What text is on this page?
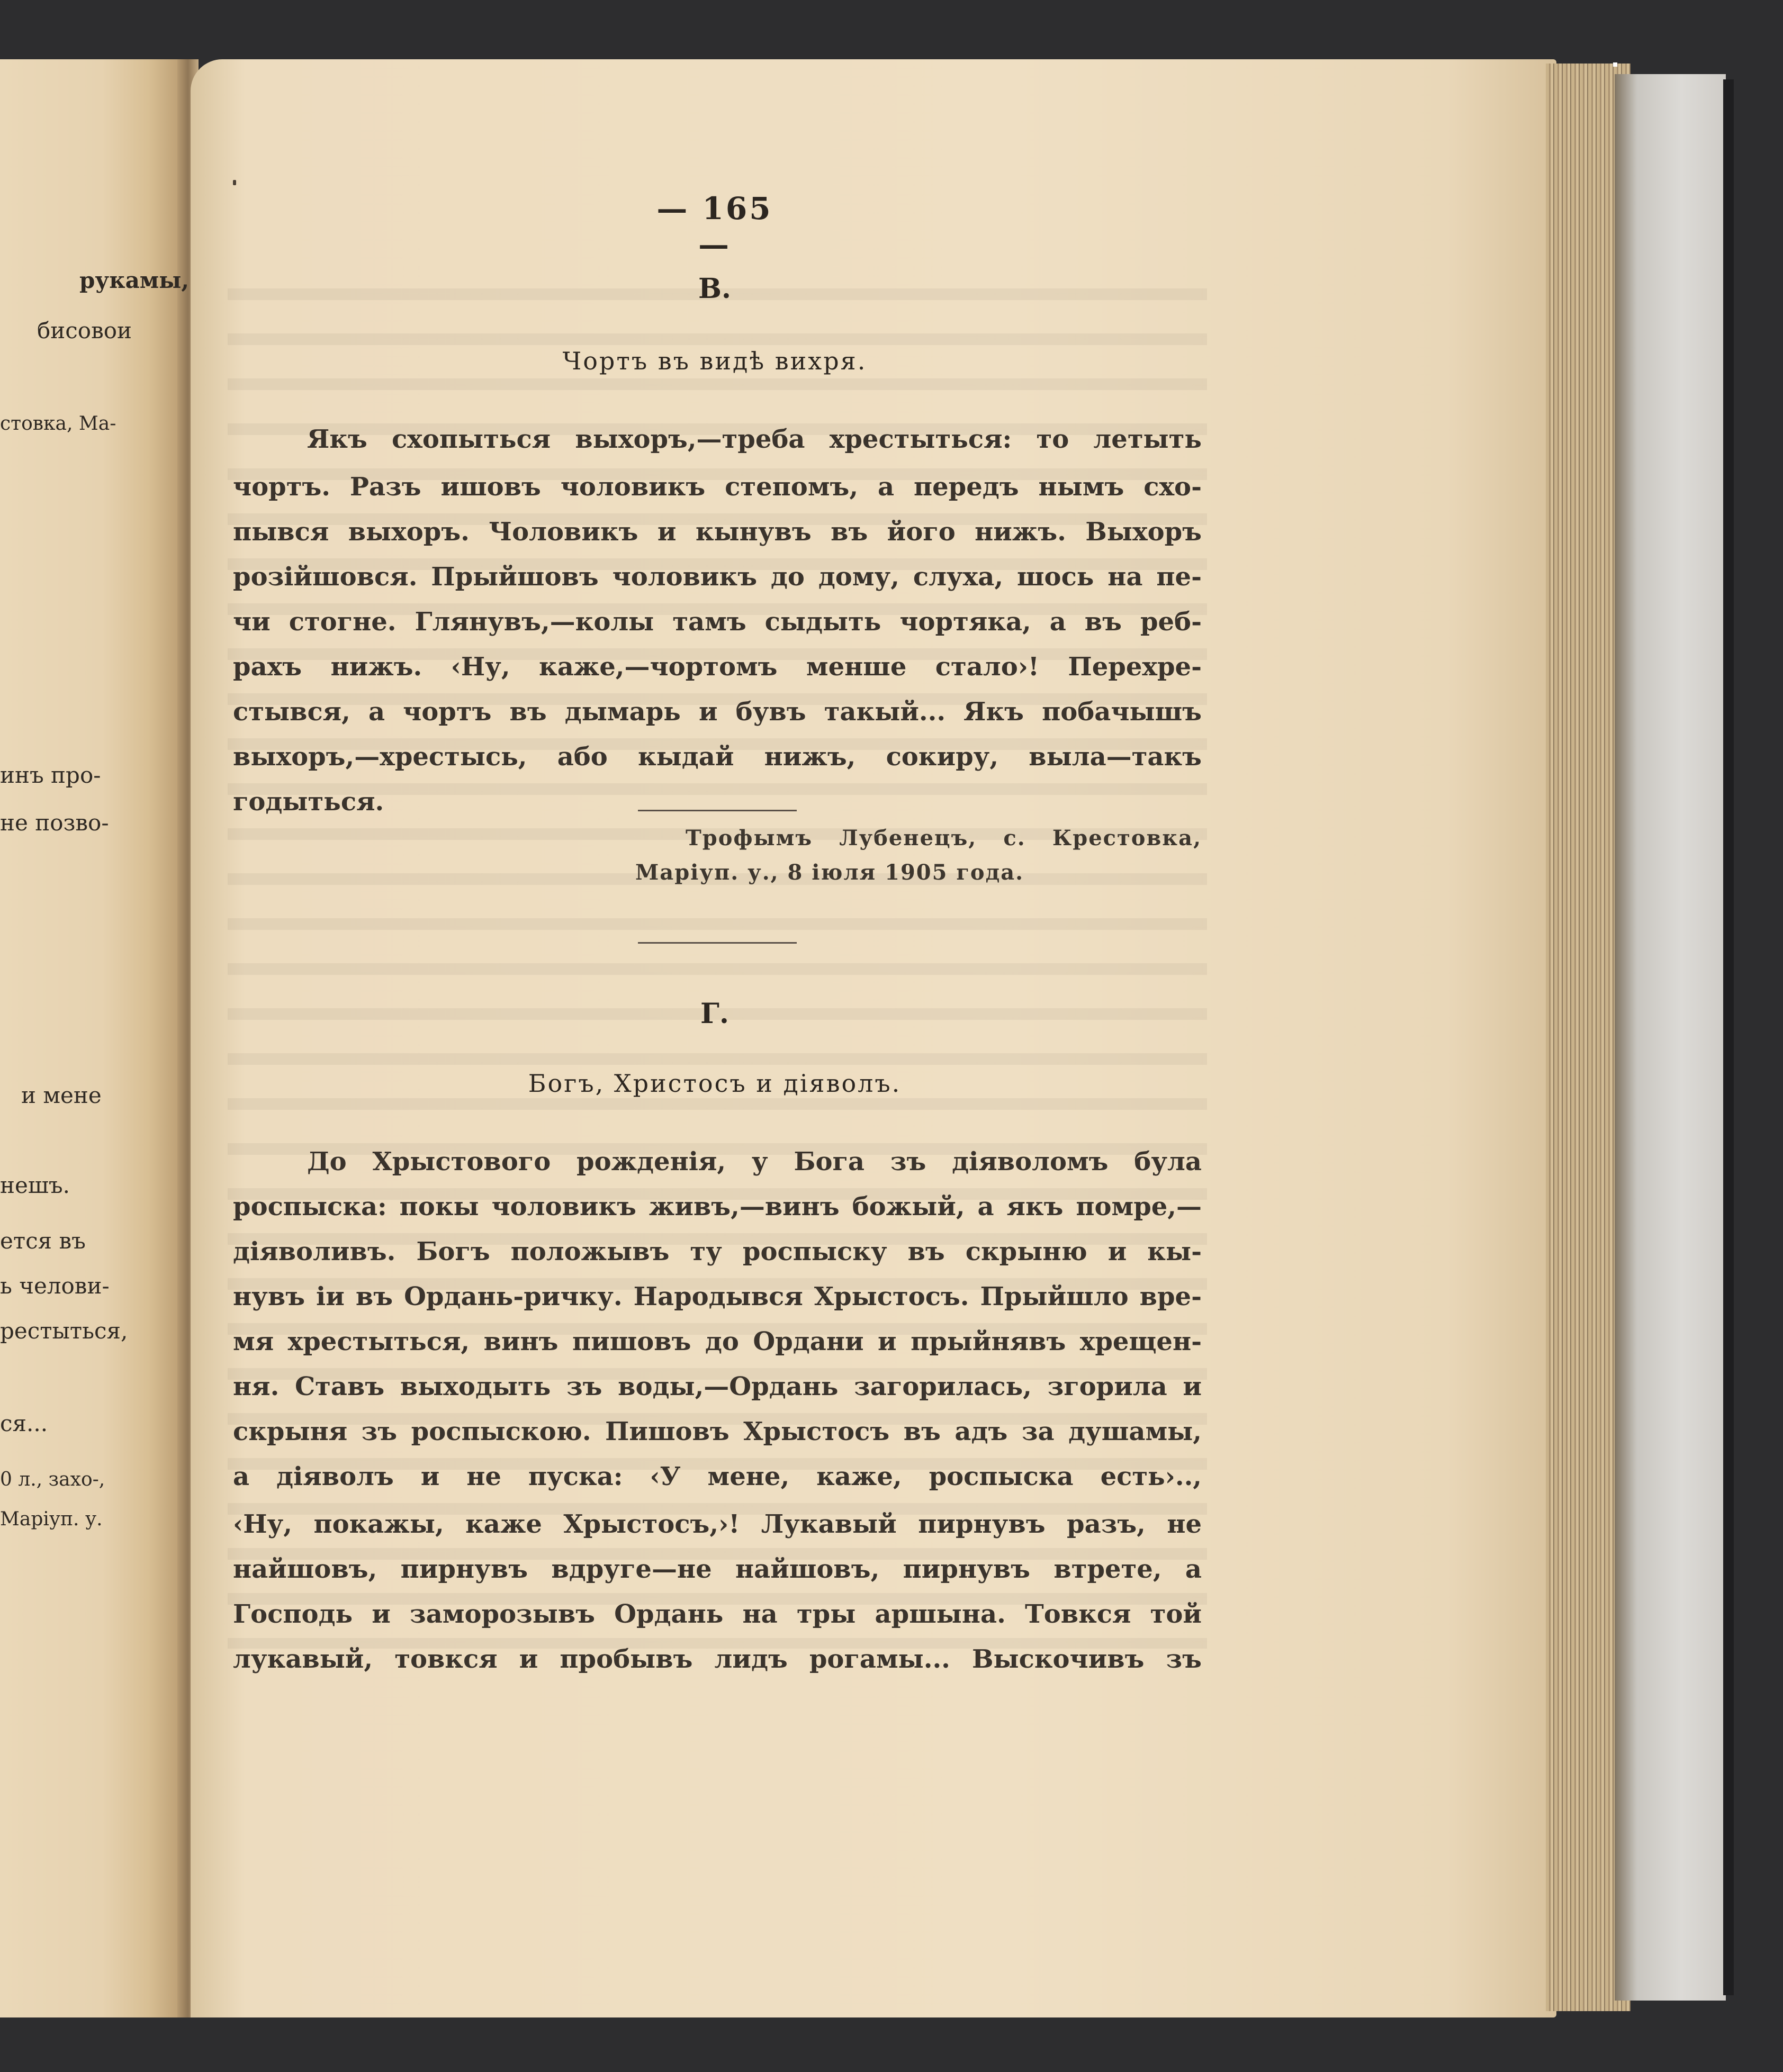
рукамы,
бисовои
стовка, Ма-
инъ про-
не позво-
и мене
нешъ.
ется въ
ь челови-
рестыться,
ся...
0 л., захо-,
Маріуп. у.
— 165 —
В.
Чортъ въ видѣ вихря.
Якъ схопыться выхоръ,—треба хрестыться: то летыть
чортъ. Разъ ишовъ чоловикъ степомъ, а передъ нымъ схо-
пывся выхоръ. Чоловикъ и кынувъ въ його нижъ. Выхоръ
розійшовся. Прыйшовъ чоловикъ до дому, слуха, шось на пе-
чи стогне. Глянувъ,—колы тамъ сыдыть чортяка, а въ реб-
рахъ нижъ. ‹Ну, каже,—чортомъ менше стало›! Перехре-
стывся, а чортъ въ дымарь и бувъ такый... Якъ побачышъ
выхоръ,—хрестысь, або кыдай нижъ, сокиру, выла—такъ
годыться.
Трофымъ Лубенецъ, с. Крестовка,
Маріуп. у., 8 іюля 1905 года.
Г.
Богъ, Христосъ и діяволъ.
До Хрыстового рожденія, у Бога зъ діяволомъ була
роспыска: покы чоловикъ живъ,—винъ божый, а якъ помре,—
діяволивъ. Богъ положывъ ту роспыску въ скрыню и кы-
нувъ іи въ Ордань-ричку. Народывся Хрыстосъ. Прыйшло вре-
мя хрестыться, винъ пишовъ до Ордани и прыйнявъ хрещен-
ня. Ставъ выходыть зъ воды,—Ордань загорилась, згорила и
скрыня зъ роспыскою. Пишовъ Хрыстосъ въ адъ за душамы,
а діяволъ и не пуска: ‹У мене, каже, роспыска есть›..,
‹Ну, покажы, каже Хрыстосъ,›! Лукавый пирнувъ разъ, не
найшовъ, пирнувъ вдруге—не найшовъ, пирнувъ втрете, а
Господь и заморозывъ Ордань на тры аршына. Товкся той
лукавый, товкся и пробывъ лидъ рогамы... Выскочивъ зъ
